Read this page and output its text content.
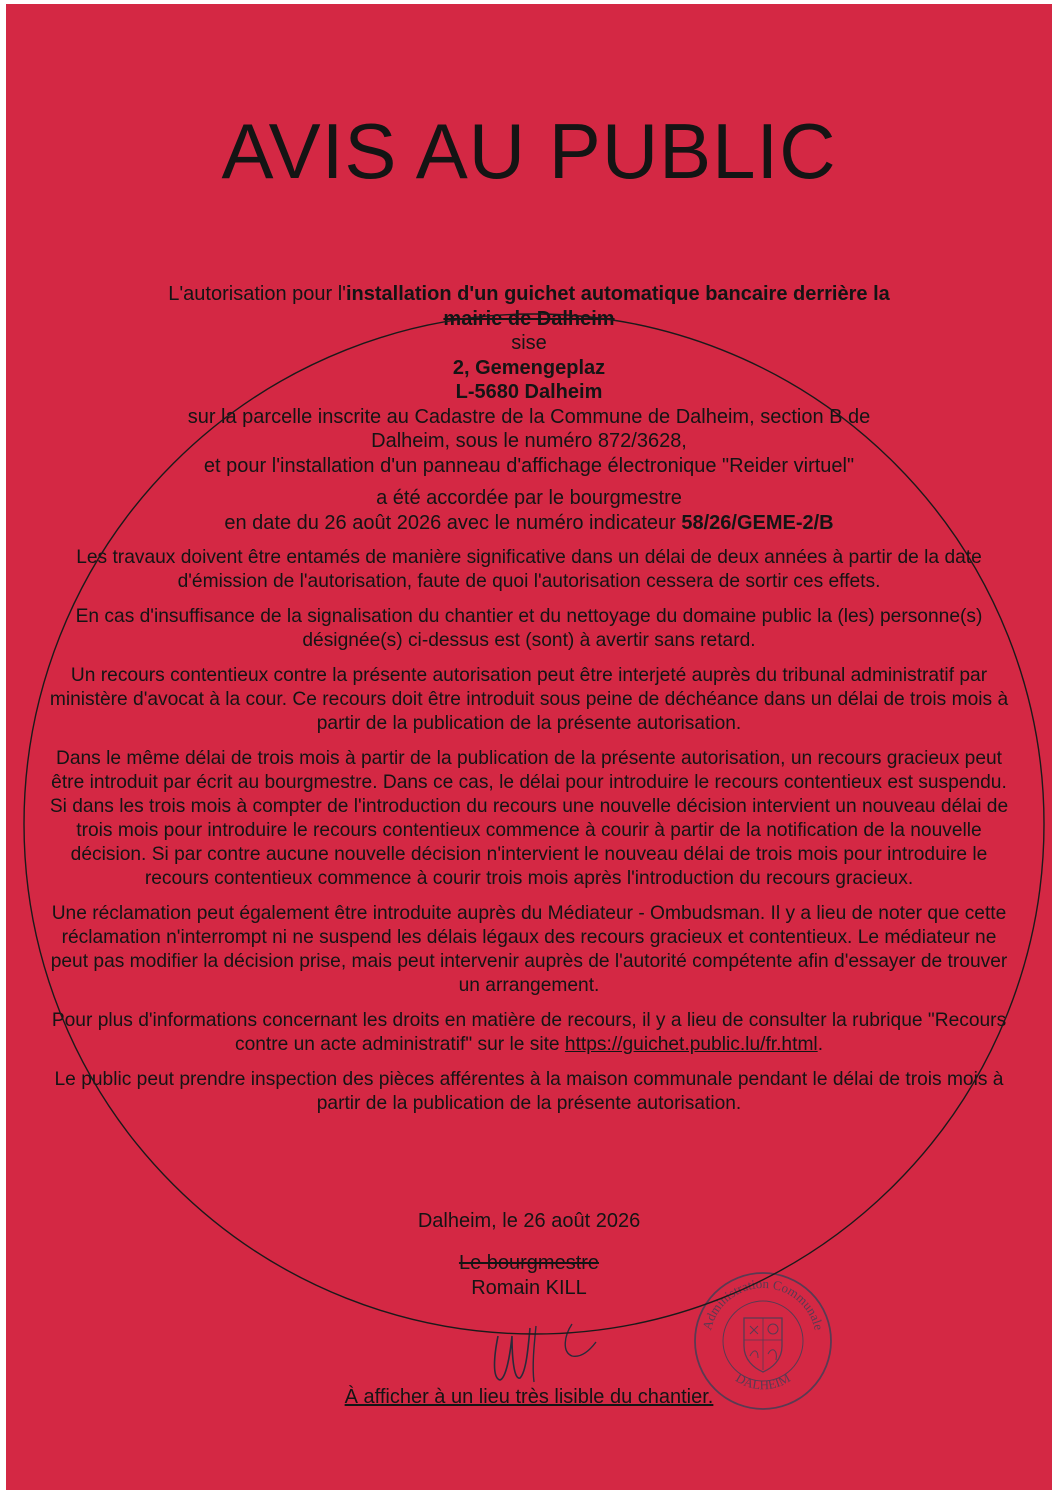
AVIS AU PUBLIC
L'autorisation pour l'installation d'un guichet automatique bancaire derrière la
mairie de Dalheim
sise
2, Gemengeplaz
L-5680 Dalheim
sur la parcelle inscrite au Cadastre de la Commune de Dalheim, section B de
Dalheim, sous le numéro 872/3628,
et pour l'installation d'un panneau d'affichage électronique "Reider virtuel"
a été accordée par le bourgmestre
en date du 26 août 2026 avec le numéro indicateur 58/26/GEME-2/B

Les travaux doivent être entamés de manière significative dans un délai de deux années à partir de la date d'émission de l'autorisation, faute de quoi l'autorisation cessera de sortir ces effets.

En cas d'insuffisance de la signalisation du chantier et du nettoyage du domaine public la (les) personne(s) désignée(s) ci-dessus est (sont) à avertir sans retard.

Un recours contentieux contre la présente autorisation peut être interjeté auprès du tribunal administratif par ministère d'avocat à la cour. Ce recours doit être introduit sous peine de déchéance dans un délai de trois mois à partir de la publication de la présente autorisation.

Dans le même délai de trois mois à partir de la publication de la présente autorisation, un recours gracieux peut être introduit par écrit au bourgmestre. Dans ce cas, le délai pour introduire le recours contentieux est suspendu. Si dans les trois mois à compter de l'introduction du recours une nouvelle décision intervient un nouveau délai de trois mois pour introduire le recours contentieux commence à courir à partir de la notification de la nouvelle décision. Si par contre aucune nouvelle décision n'intervient le nouveau délai de trois mois pour introduire le recours contentieux commence à courir trois mois après l'introduction du recours gracieux.

Une réclamation peut également être introduite auprès du Médiateur - Ombudsman. Il y a lieu de noter que cette réclamation n'interrompt ni ne suspend les délais légaux des recours gracieux et contentieux. Le médiateur ne peut pas modifier la décision prise, mais peut intervenir auprès de l'autorité compétente afin d'essayer de trouver un arrangement.

Pour plus d'informations concernant les droits en matière de recours, il y a lieu de consulter la rubrique "Recours contre un acte administratif" sur le site https://guichet.public.lu/fr.html.

Le public peut prendre inspection des pièces afférentes à la maison communale pendant le délai de trois mois à partir de la publication de la présente autorisation.

Dalheim, le 26 août 2026
Le bourgmestre
Romain KILL
Administration Communale
DALHEIM
À afficher à un lieu très lisible du chantier.
